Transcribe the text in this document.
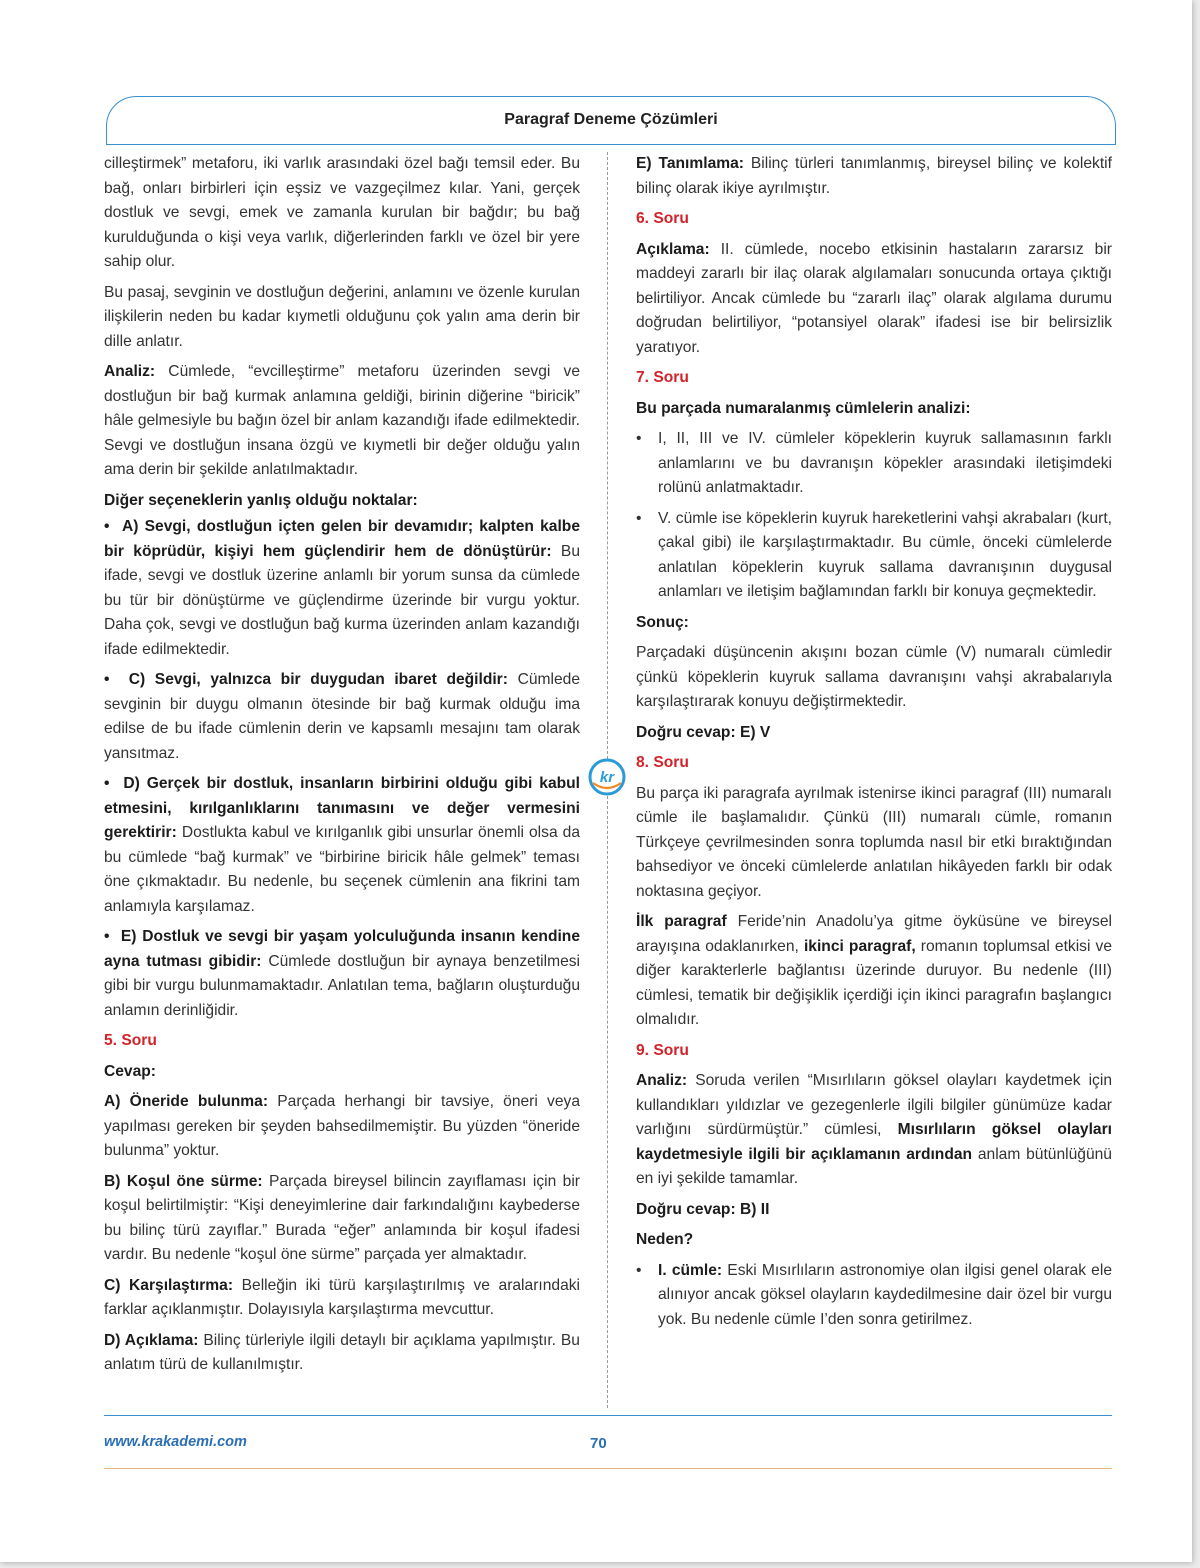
Paragraf Deneme Çözümleri

cilleştirmek” metaforu, iki varlık arasındaki özel bağı temsil eder. Bu bağ, onları birbirleri için eşsiz ve vazgeçilmez kılar. Yani, gerçek dostluk ve sevgi, emek ve zamanla kurulan bir bağdır; bu bağ kurulduğunda o kişi veya varlık, diğerlerinden farklı ve özel bir yere sahip olur.

Bu pasaj, sevginin ve dostluğun değerini, anlamını ve özenle kurulan ilişkilerin neden bu kadar kıymetli olduğunu çok yalın ama derin bir dille anlatır.

Analiz: Cümlede, “evcilleştirme” metaforu üzerinden sevgi ve dostluğun bir bağ kurmak anlamına geldiği, birinin diğerine “biricik” hâle gelmesiyle bu bağın özel bir anlam kazandığı ifade edilmektedir. Sevgi ve dostluğun insana özgü ve kıymetli bir değer olduğu yalın ama derin bir şekilde anlatılmaktadır.

Diğer seçeneklerin yanlış olduğu noktalar:

•  A) Sevgi, dostluğun içten gelen bir devamıdır; kalpten kalbe bir köprüdür, kişiyi hem güçlendirir hem de dönüştürür: Bu ifade, sevgi ve dostluk üzerine anlamlı bir yorum sunsa da cümlede bu tür bir dönüştürme ve güçlendirme üzerinde bir vurgu yoktur. Daha çok, sevgi ve dostluğun bağ kurma üzerinden anlam kazandığı ifade edilmektedir.

•  C) Sevgi, yalnızca bir duygudan ibaret değildir: Cümlede sevginin bir duygu olmanın ötesinde bir bağ kurmak olduğu ima edilse de bu ifade cümlenin derin ve kapsamlı mesajını tam olarak yansıtmaz.

•  D) Gerçek bir dostluk, insanların birbirini olduğu gibi kabul etmesini, kırılganlıklarını tanımasını ve değer vermesini gerektirir: Dostlukta kabul ve kırılganlık gibi unsurlar önemli olsa da bu cümlede “bağ kurmak” ve “birbirine biricik hâle gelmek” teması öne çıkmaktadır. Bu nedenle, bu seçenek cümlenin ana fikrini tam anlamıyla karşılamaz.

•  E) Dostluk ve sevgi bir yaşam yolculuğunda insanın kendine ayna tutması gibidir: Cümlede dostluğun bir aynaya benzetilmesi gibi bir vurgu bulunmamaktadır. Anlatılan tema, bağların oluşturduğu anlamın derinliğidir.

5. Soru

Cevap:

A) Öneride bulunma: Parçada herhangi bir tavsiye, öneri veya yapılması gereken bir şeyden bahsedilmemiştir. Bu yüzden “öneride bulunma” yoktur.

B) Koşul öne sürme: Parçada bireysel bilincin zayıflaması için bir koşul belirtilmiştir: “Kişi deneyimlerine dair farkındalığını kaybederse bu bilinç türü zayıflar.” Burada “eğer” anlamında bir koşul ifadesi vardır. Bu nedenle “koşul öne sürme” parçada yer almaktadır.

C) Karşılaştırma: Belleğin iki türü karşılaştırılmış ve aralarındaki farklar açıklanmıştır. Dolayısıyla karşılaştırma mevcuttur.

D) Açıklama: Bilinç türleriyle ilgili detaylı bir açıklama yapılmıştır. Bu anlatım türü de kullanılmıştır.

E) Tanımlama: Bilinç türleri tanımlanmış, bireysel bilinç ve kolektif bilinç olarak ikiye ayrılmıştır.

6. Soru

Açıklama: II. cümlede, nocebo etkisinin hastaların zararsız bir maddeyi zararlı bir ilaç olarak algılamaları sonucunda ortaya çıktığı belirtiliyor. Ancak cümlede bu “zararlı ilaç” olarak algılama durumu doğrudan belirtiliyor, “potansiyel olarak” ifadesi ise bir belirsizlik yaratıyor.

7. Soru

Bu parçada numaralanmış cümlelerin analizi:

• I, II, III ve IV. cümleler köpeklerin kuyruk sallamasının farklı anlamlarını ve bu davranışın köpekler arasındaki iletişimdeki rolünü anlatmaktadır.

• V. cümle ise köpeklerin kuyruk hareketlerini vahşi akrabaları (kurt, çakal gibi) ile karşılaştırmaktadır. Bu cümle, önceki cümlelerde anlatılan köpeklerin kuyruk sallama davranışının duygusal anlamları ve iletişim bağlamından farklı bir konuya geçmektedir.

Sonuç:

Parçadaki düşüncenin akışını bozan cümle (V) numaralı cümledir çünkü köpeklerin kuyruk sallama davranışını vahşi akrabalarıyla karşılaştırarak konuyu değiştirmektedir.

Doğru cevap: E) V

8. Soru

Bu parça iki paragrafa ayrılmak istenirse ikinci paragraf (III) numaralı cümle ile başlamalıdır. Çünkü (III) numaralı cümle, romanın Türkçeye çevrilmesinden sonra toplumda nasıl bir etki bıraktığından bahsediyor ve önceki cümlelerde anlatılan hikâyeden farklı bir odak noktasına geçiyor.

İlk paragraf Feride’nin Anadolu’ya gitme öyküsüne ve bireysel arayışına odaklanırken, ikinci paragraf, romanın toplumsal etkisi ve diğer karakterlerle bağlantısı üzerinde duruyor. Bu nedenle (III) cümlesi, tematik bir değişiklik içerdiği için ikinci paragrafın başlangıcı olmalıdır.

9. Soru

Analiz: Soruda verilen “Mısırlıların göksel olayları kaydetmek için kullandıkları yıldızlar ve gezegenlerle ilgili bilgiler günümüze kadar varlığını sürdürmüştür.” cümlesi, Mısırlıların göksel olayları kaydetmesiyle ilgili bir açıklamanın ardından anlam bütünlüğünü en iyi şekilde tamamlar.

Doğru cevap: B) II

Neden?

• I. cümle: Eski Mısırlıların astronomiye olan ilgisi genel olarak ele alınıyor ancak göksel olayların kaydedilmesine dair özel bir vurgu yok. Bu nedenle cümle I’den sonra getirilmez.

kr
www.krakademi.com	70
